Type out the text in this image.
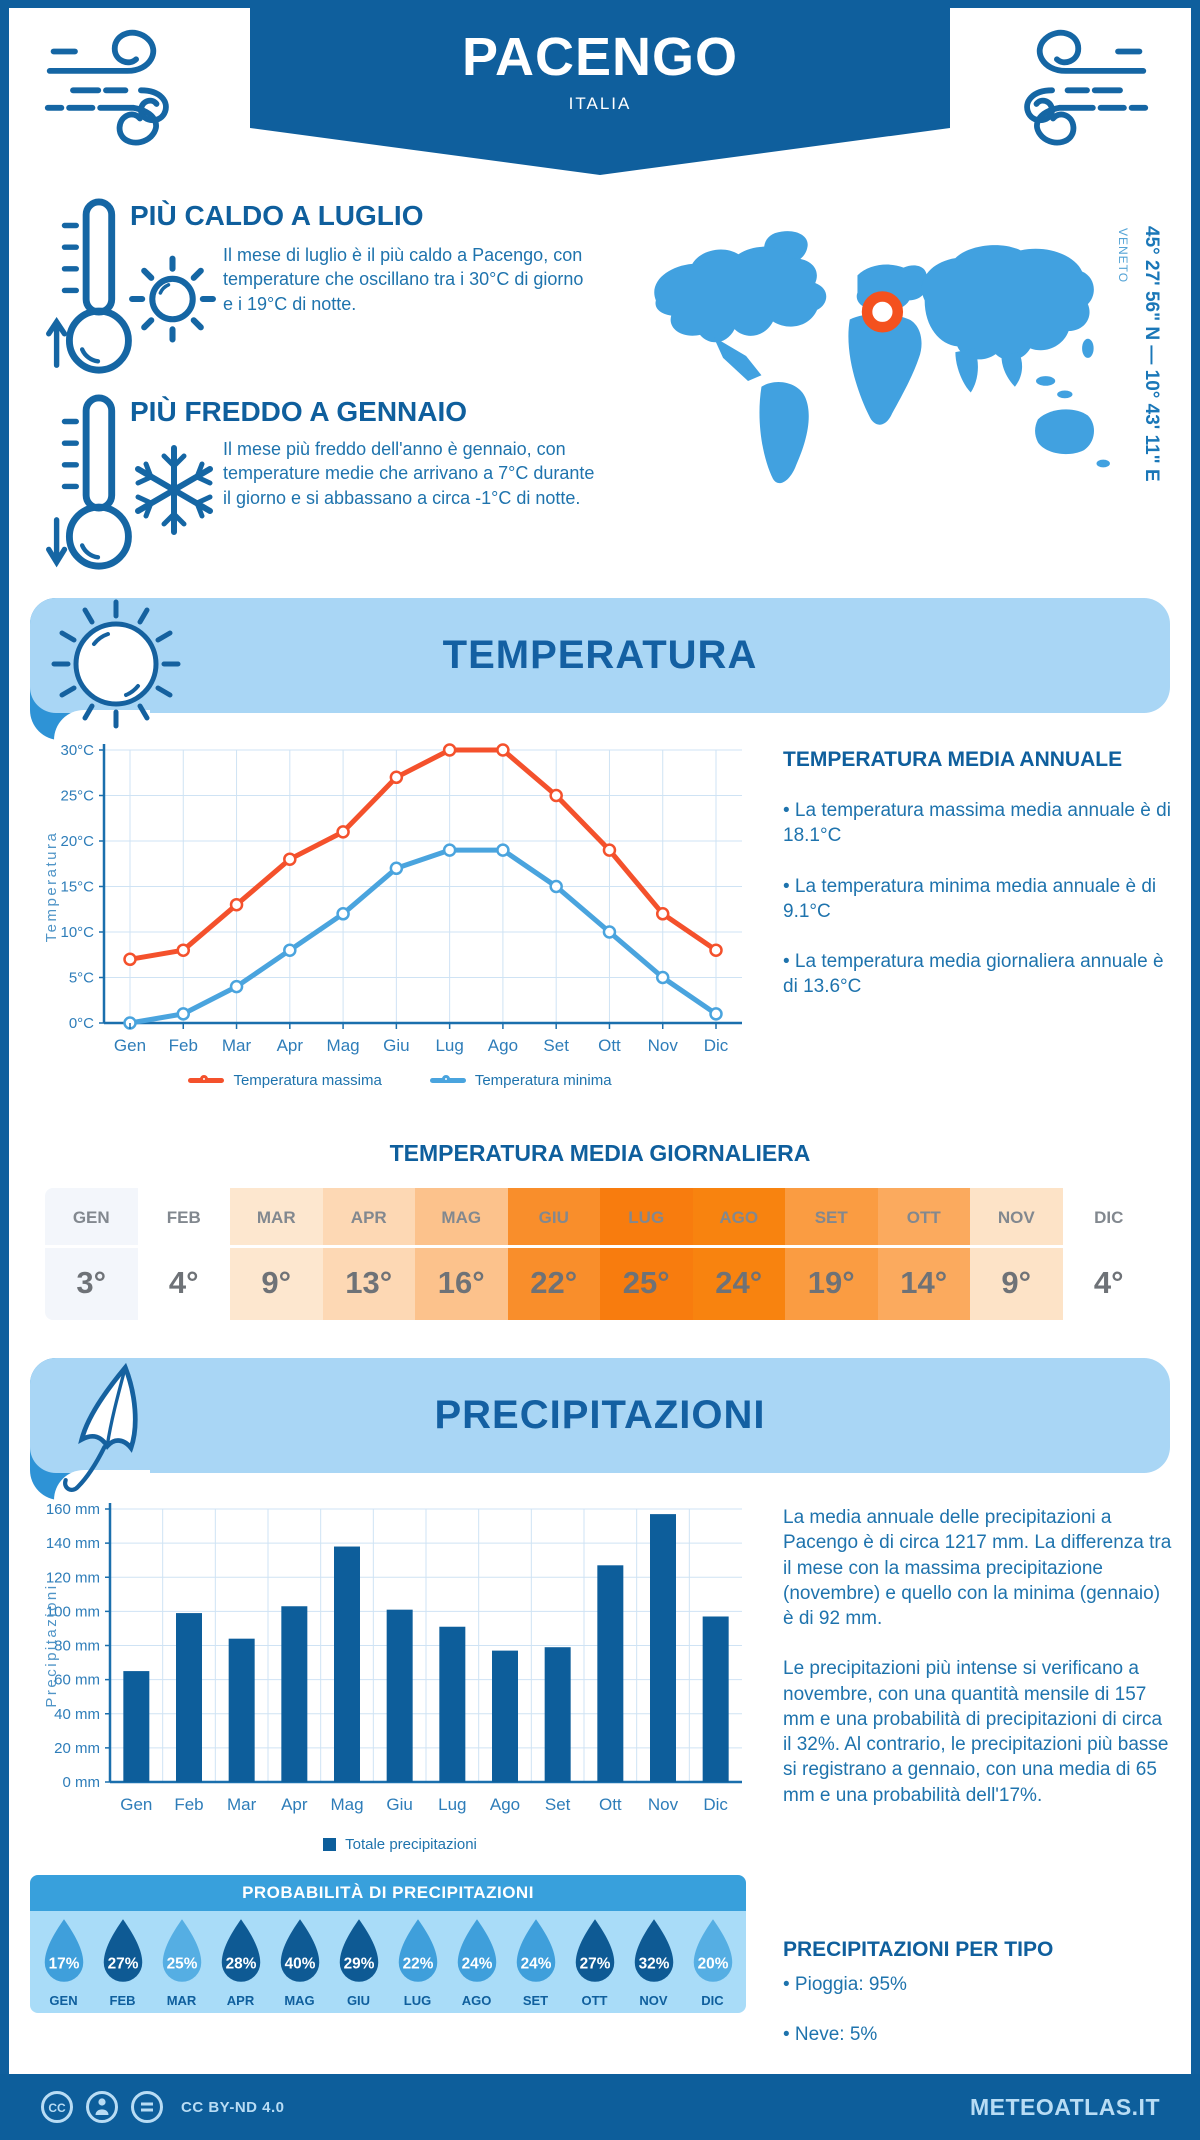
PACENGO
ITALIA
PIÙ CALDO A LUGLIO
Il mese di luglio è il più caldo a Pacengo, con temperature che oscillano tra i 30°C di giorno e i 19°C di notte.
PIÙ FREDDO A GENNAIO
Il mese più freddo dell'anno è gennaio, con temperature medie che arrivano a 7°C durante il giorno e si abbassano a circa -1°C di notte.
45° 27' 56" N — 10° 43' 11" E
VENETO
TEMPERATURA
0°C
5°C
10°C
15°C
20°C
25°C
30°C
Temperatura
Gen Feb Mar Apr Mag Giu Lug Ago Set Ott Nov Dic
Temperatura massima	Temperatura minima
TEMPERATURA MEDIA ANNUALE
• La temperatura massima media annuale è di 18.1°C
• La temperatura minima media annuale è di 9.1°C
• La temperatura media giornaliera annuale è di 13.6°C
TEMPERATURA MEDIA GIORNALIERA
GEN
3°
FEB
4°
MAR
9°
APR
13°
MAG
16°
GIU
22°
LUG
25°
AGO
24°
SET
19°
OTT
14°
NOV
9°
DIC
4°
PRECIPITAZIONI
0 mm
20 mm
40 mm
60 mm
80 mm
100 mm
120 mm
140 mm
160 mm
Precipitazioni
Gen Feb Mar Apr Mag Giu Lug Ago Set Ott Nov Dic
Totale precipitazioni
La media annuale delle precipitazioni a Pacengo è di circa 1217 mm. La differenza tra il mese con la massima precipitazione (novembre) e quello con la minima (gennaio) è di 92 mm.
Le precipitazioni più intense si verificano a novembre, con una quantità mensile di 157 mm e una probabilità di precipitazioni di circa il 32%. Al contrario, le precipitazioni più basse si registrano a gennaio, con una media di 65 mm e una probabilità dell'17%.
PROBABILITÀ DI PRECIPITAZIONI
17%
GEN
27%
FEB
25%
MAR
28%
APR
40%
MAG
29%
GIU
22%
LUG
24%
AGO
24%
SET
27%
OTT
32%
NOV
20%
DIC
PRECIPITAZIONI PER TIPO
• Pioggia: 95%
• Neve: 5%
CC	CC BY-ND 4.0	METEOATLAS.IT
